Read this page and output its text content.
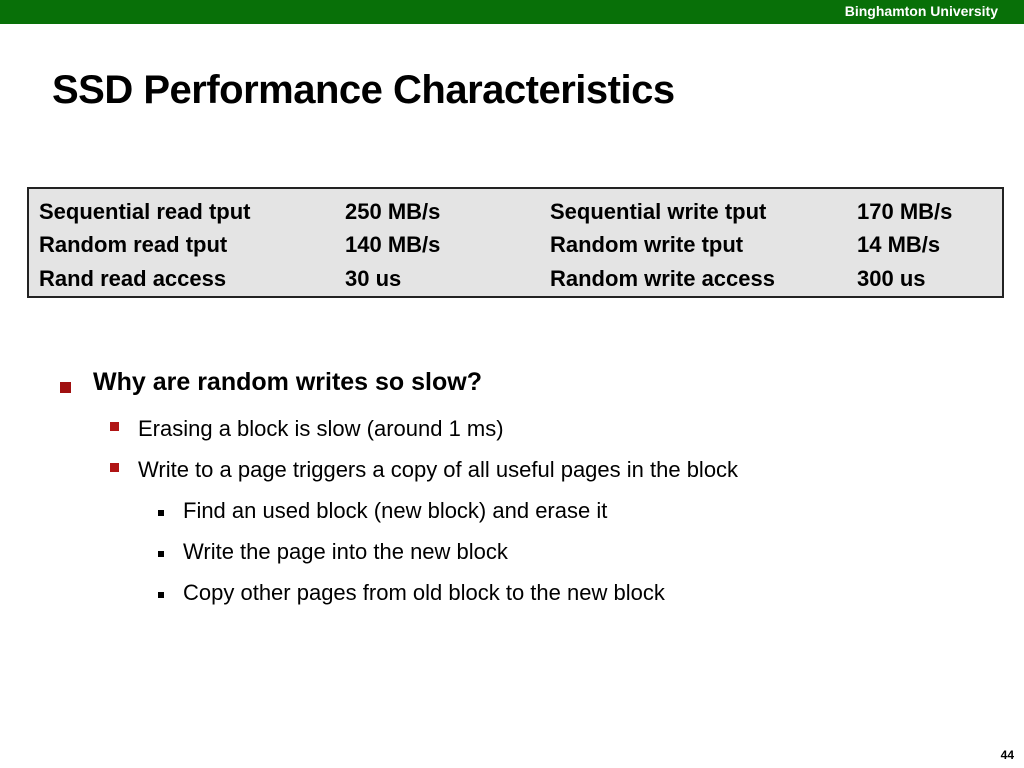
Binghamton University
SSD Performance Characteristics
Sequential read tput	250 MB/s	Sequential write tput	170 MB/s
Random read tput	140 MB/s	Random write tput	14 MB/s
Rand read access	30 us	Random write access	300 us
Why are random writes so slow?
Erasing a block is slow (around 1 ms)
Write to a page triggers a copy of all useful pages in the block
Find an used block (new block) and erase it
Write the page into the new block
Copy other pages from old block to the new block
44
